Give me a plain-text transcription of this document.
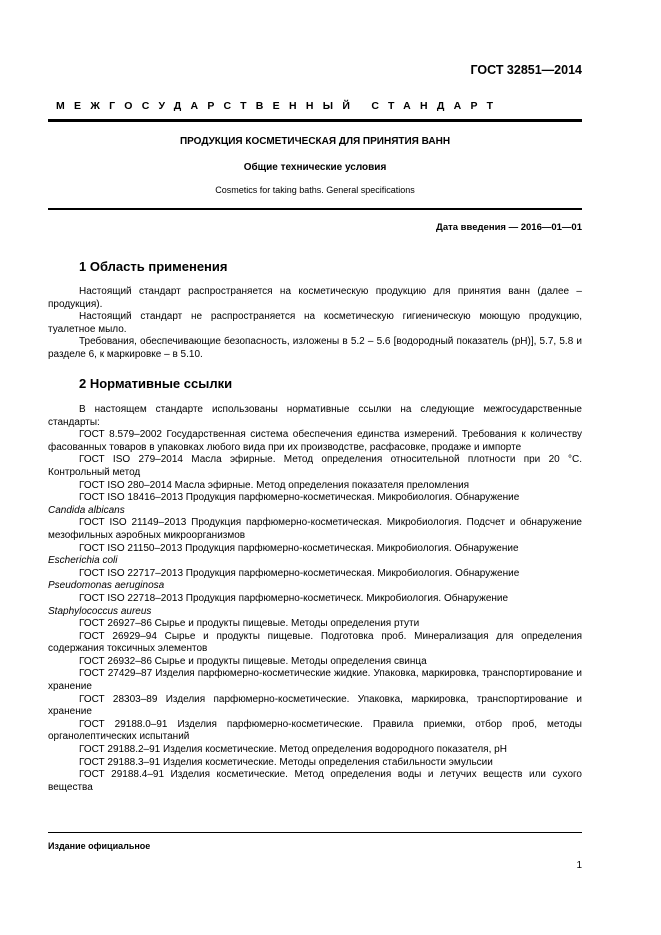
ГОСТ 32851—2014
МЕЖГОСУДАРСТВЕННЫЙ СТАНДАРТ
ПРОДУКЦИЯ КОСМЕТИЧЕСКАЯ ДЛЯ ПРИНЯТИЯ ВАНН
Общие технические условия
Cosmetics for taking baths. General specifications
Дата введения — 2016—01—01
1 Область применения

Настоящий стандарт распространяется на косметическую продукцию для принятия ванн (далее – продукция).

Настоящий стандарт не распространяется на косметическую гигиеническую моющую продукцию, туалетное мыло.

Требования, обеспечивающие безопасность, изложены в 5.2 – 5.6 [водородный показатель (pH)], 5.7, 5.8 и разделе 6, к маркировке – в 5.10.

2 Нормативные ссылки

В настоящем стандарте использованы нормативные ссылки на следующие межгосударственные стандарты:

ГОСТ 8.579–2002 Государственная система обеспечения единства измерений. Требования к количеству фасованных товаров в упаковках любого вида при их производстве, расфасовке, продаже и импорте

ГОСТ ISO 279–2014 Масла эфирные. Метод определения относительной плотности при 20 °С. Контрольный метод

ГОСТ ISO 280–2014 Масла эфирные. Метод определения показателя преломления

ГОСТ ISO 18416–2013 Продукция парфюмерно-косметическая. Микробиология. Обнаружение
Candida albicans

ГОСТ ISO 21149–2013 Продукция парфюмерно-косметическая. Микробиология. Подсчет и обнаружение мезофильных аэробных микроорганизмов

ГОСТ ISO 21150–2013 Продукция парфюмерно-косметическая. Микробиология. Обнаружение
Escherichia coli

ГОСТ ISO 22717–2013 Продукция парфюмерно-косметическая. Микробиология. Обнаружение
Pseudomonas aeruginosa

ГОСТ ISO 22718–2013 Продукция парфюмерно-косметическ. Микробиология. Обнаружение
Staphylococcus aureus

ГОСТ 26927–86 Сырье и продукты пищевые. Методы определения ртути

ГОСТ 26929–94 Сырье и продукты пищевые. Подготовка проб. Минерализация для определения содержания токсичных элементов

ГОСТ 26932–86 Сырье и продукты пищевые. Методы определения свинца

ГОСТ 27429–87 Изделия парфюмерно-косметические жидкие. Упаковка, маркировка, транспортирование и хранение

ГОСТ 28303–89 Изделия парфюмерно-косметические. Упаковка, маркировка, транспортирование и хранение

ГОСТ 29188.0–91 Изделия парфюмерно-косметические. Правила приемки, отбор проб, методы органолептических испытаний

ГОСТ 29188.2–91 Изделия косметические. Метод определения водородного показателя, pH

ГОСТ 29188.3–91 Изделия косметические. Методы определения стабильности эмульсии

ГОСТ 29188.4–91 Изделия косметические. Метод определения воды и летучих веществ или сухого вещества

Издание официальное
1
